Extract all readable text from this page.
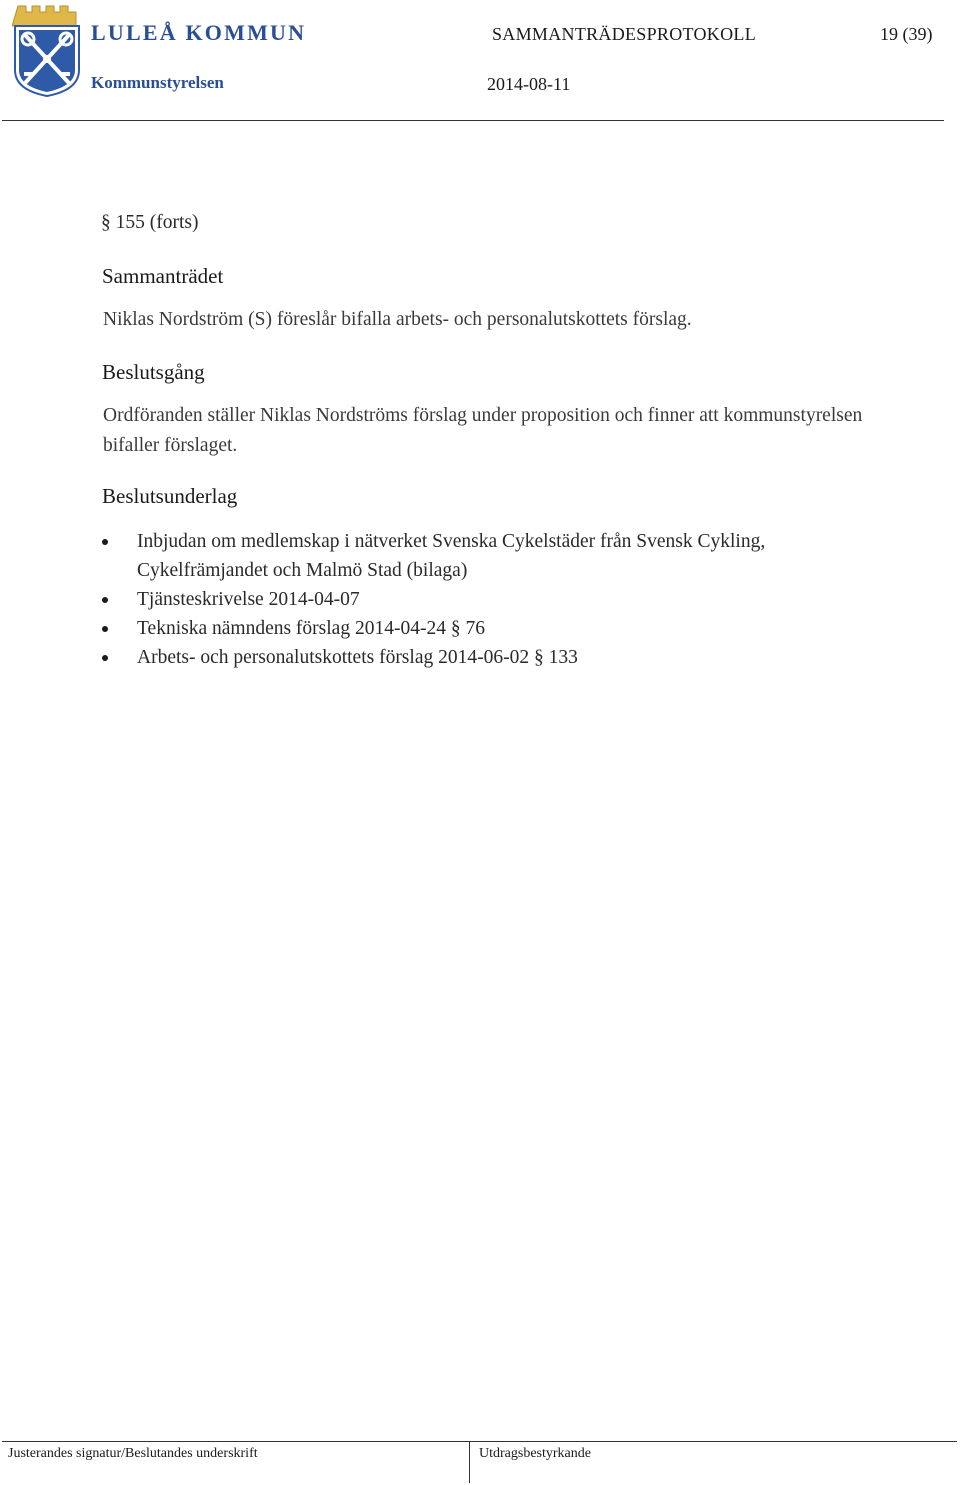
LULEÅ KOMMUN
Kommunstyrelsen
SAMMANTRÄDESPROTOKOLL	19 (39)
2014-08-11
§ 155 (forts)
Sammanträdet
Niklas Nordström (S) föreslår bifalla arbets- och personalutskottets förslag.
Beslutsgång
Ordföranden ställer Niklas Nordströms förslag under proposition och finner att kommunstyrelsen bifaller förslaget.
Beslutsunderlag
Inbjudan om medlemskap i nätverket Svenska Cykelstäder från Svensk Cykling, Cykelfrämjandet och Malmö Stad (bilaga)
Tjänsteskrivelse 2014-04-07
Tekniska nämndens förslag 2014-04-24 § 76
Arbets- och personalutskottets förslag 2014-06-02 § 133
Justerandes signatur/Beslutandes underskrift	Utdragsbestyrkande
